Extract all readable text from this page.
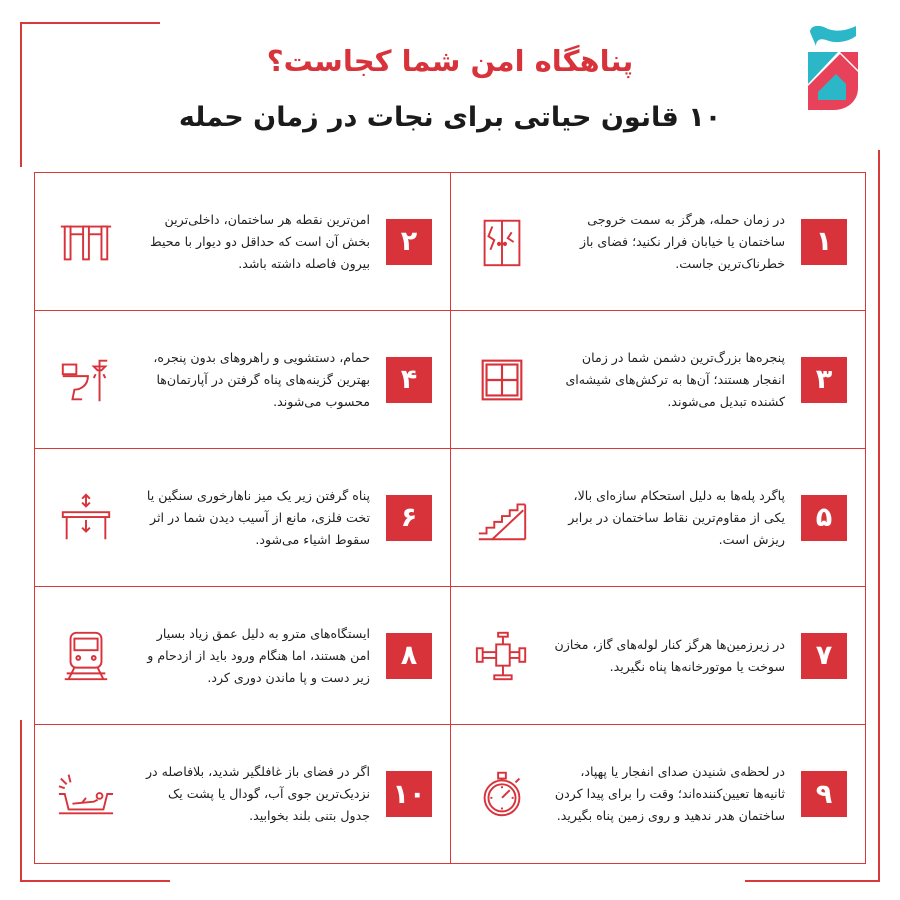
پناهگاه امن شما کجاست؟
۱۰ قانون حیاتی برای نجات در زمان حمله
۱
در زمان حمله، هرگز به سمت خروجی ساختمان یا خیابان فرار نکنید؛ فضای باز خطرناک‌ترین جاست.
۲
امن‌ترین نقطه هر ساختمان، داخلی‌ترین بخش آن است که حداقل دو دیوار با محیط بیرون فاصله داشته باشد.
۳
پنجره‌ها بزرگ‌ترین دشمن شما در زمان انفجار هستند؛ آن‌ها به ترکش‌های شیشه‌ای کشنده تبدیل می‌شوند.
۴
حمام، دستشویی و راهروهای بدون پنجره، بهترین گزینه‌های پناه گرفتن در آپارتمان‌ها محسوب می‌شوند.
۵
پاگرد پله‌ها به دلیل استحکام سازه‌ای بالا، یکی از مقاوم‌ترین نقاط ساختمان در برابر ریزش است.
۶
پناه گرفتن زیر یک میز ناهارخوری سنگین یا تخت فلزی، مانع از آسیب دیدن شما در اثر سقوط اشیاء می‌شود.
۷
در زیرزمین‌ها هرگز کنار لوله‌های گاز، مخازن سوخت یا موتورخانه‌ها پناه نگیرید.
۸
ایستگاه‌های مترو به دلیل عمق زیاد بسیار امن هستند، اما هنگام ورود باید از ازدحام و زیر دست و پا ماندن دوری کرد.
۹
در لحظه‌ی شنیدن صدای انفجار یا پهپاد، ثانیه‌ها تعیین‌کننده‌اند؛ وقت را برای پیدا کردن ساختمان هدر ندهید و روی زمین پناه بگیرید.
۱۰
اگر در فضای باز غافلگیر شدید، بلافاصله در نزدیک‌ترین جوی آب، گودال یا پشت یک جدول بتنی بلند بخوابید.
